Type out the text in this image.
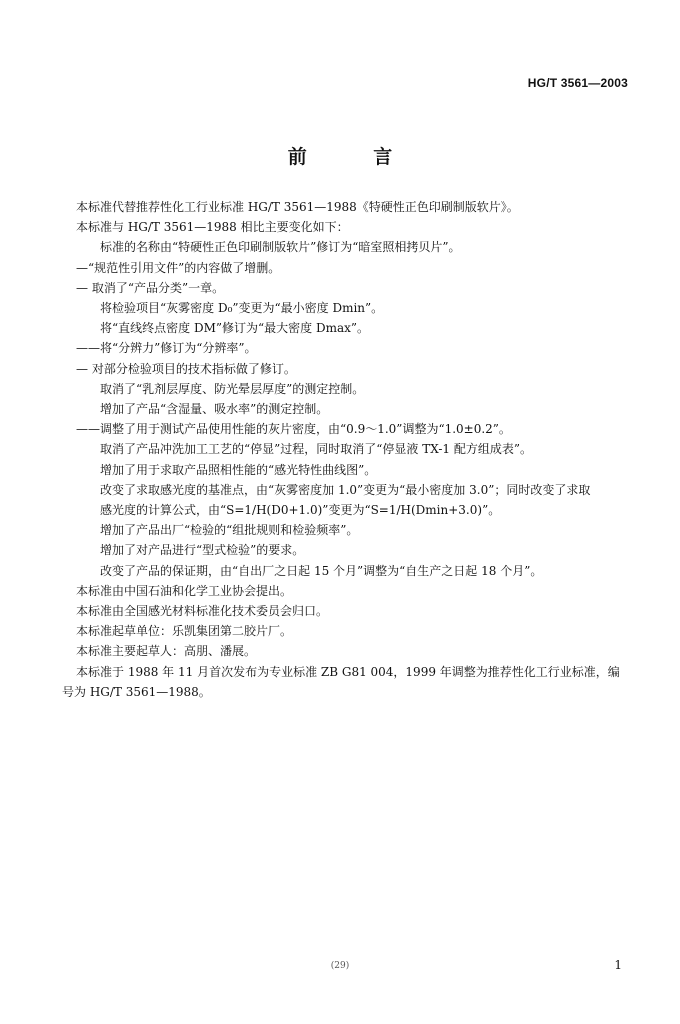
HG/T 3561—2003
前 言
本标准代替推荐性化工行业标准 HG/T 3561—1988《特硬性正色印刷制版软片》。
本标准与 HG/T 3561—1988 相比主要变化如下：
标准的名称由“特硬性正色印刷制版软片”修订为“暗室照相拷贝片”。
—“规范性引用文件”的内容做了增删。
— 取消了“产品分类”一章。
将检验项目“灰雾密度 D₀”变更为“最小密度 Dmin”。
将“直线终点密度 DM”修订为“最大密度 Dmax”。
——将“分辨力”修订为“分辨率”。
— 对部分检验项目的技术指标做了修订。
取消了“乳剂层厚度、防光晕层厚度”的测定控制。
增加了产品“含湿量、吸水率”的测定控制。
——调整了用于测试产品使用性能的灰片密度，由“0.9～1.0”调整为“1.0±0.2”。
取消了产品冲洗加工工艺的“停显”过程，同时取消了“停显液 TX-1 配方组成表”。
增加了用于求取产品照相性能的“感光特性曲线图”。
改变了求取感光度的基准点，由“灰雾密度加 1.0”变更为“最小密度加 3.0”；同时改变了求取
感光度的计算公式，由“S=1/H(D0+1.0)”变更为“S=1/H(Dmin+3.0)”。
增加了产品出厂“检验的“组批规则和检验频率”。
增加了对产品进行“型式检验”的要求。
改变了产品的保证期，由“自出厂之日起 15 个月”调整为“自生产之日起 18 个月”。
本标准由中国石油和化学工业协会提出。
本标准由全国感光材料标准化技术委员会归口。
本标准起草单位：乐凯集团第二胶片厂。
本标准主要起草人：高朋、潘展。
本标准于 1988 年 11 月首次发布为专业标准 ZB G81 004，1999 年调整为推荐性化工行业标准，编
号为 HG/T 3561—1988。
(29)	1
